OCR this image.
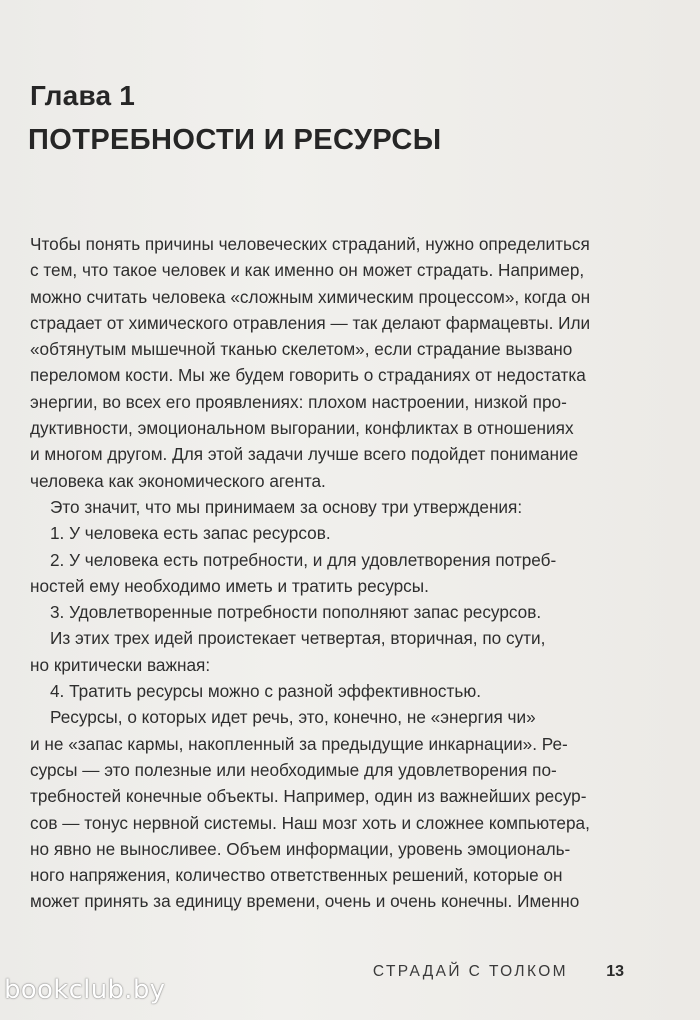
Глава 1
ПОТРЕБНОСТИ И РЕСУРСЫ
Чтобы понять причины человеческих страданий, нужно определиться
с тем, что такое человек и как именно он может страдать. Например,
можно считать человека «сложным химическим процессом», когда он
страдает от химического отравления — так делают фармацевты. Или
«обтянутым мышечной тканью скелетом», если страдание вызвано
переломом кости. Мы же будем говорить о страданиях от недостатка
энергии, во всех его проявлениях: плохом настроении, низкой про-
дуктивности, эмоциональном выгорании, конфликтах в отношениях
и многом другом. Для этой задачи лучше всего подойдет понимание
человека как экономического агента.
Это значит, что мы принимаем за основу три утверждения:
1. У человека есть запас ресурсов.
2. У человека есть потребности, и для удовлетворения потреб-
ностей ему необходимо иметь и тратить ресурсы.
3. Удовлетворенные потребности пополняют запас ресурсов.
Из этих трех идей проистекает четвертая, вторичная, по сути,
но критически важная:
4. Тратить ресурсы можно с разной эффективностью.
Ресурсы, о которых идет речь, это, конечно, не «энергия чи»
и не «запас кармы, накопленный за предыдущие инкарнации». Ре-
сурсы — это полезные или необходимые для удовлетворения по-
требностей конечные объекты. Например, один из важнейших ресур-
сов — тонус нервной системы. Наш мозг хоть и сложнее компьютера,
но явно не выносливее. Объем информации, уровень эмоциональ-
ного напряжения, количество ответственных решений, которые он
может принять за единицу времени, очень и очень конечны. Именно
СТРАДАЙ С ТОЛКОМ 13
bookclub.by
